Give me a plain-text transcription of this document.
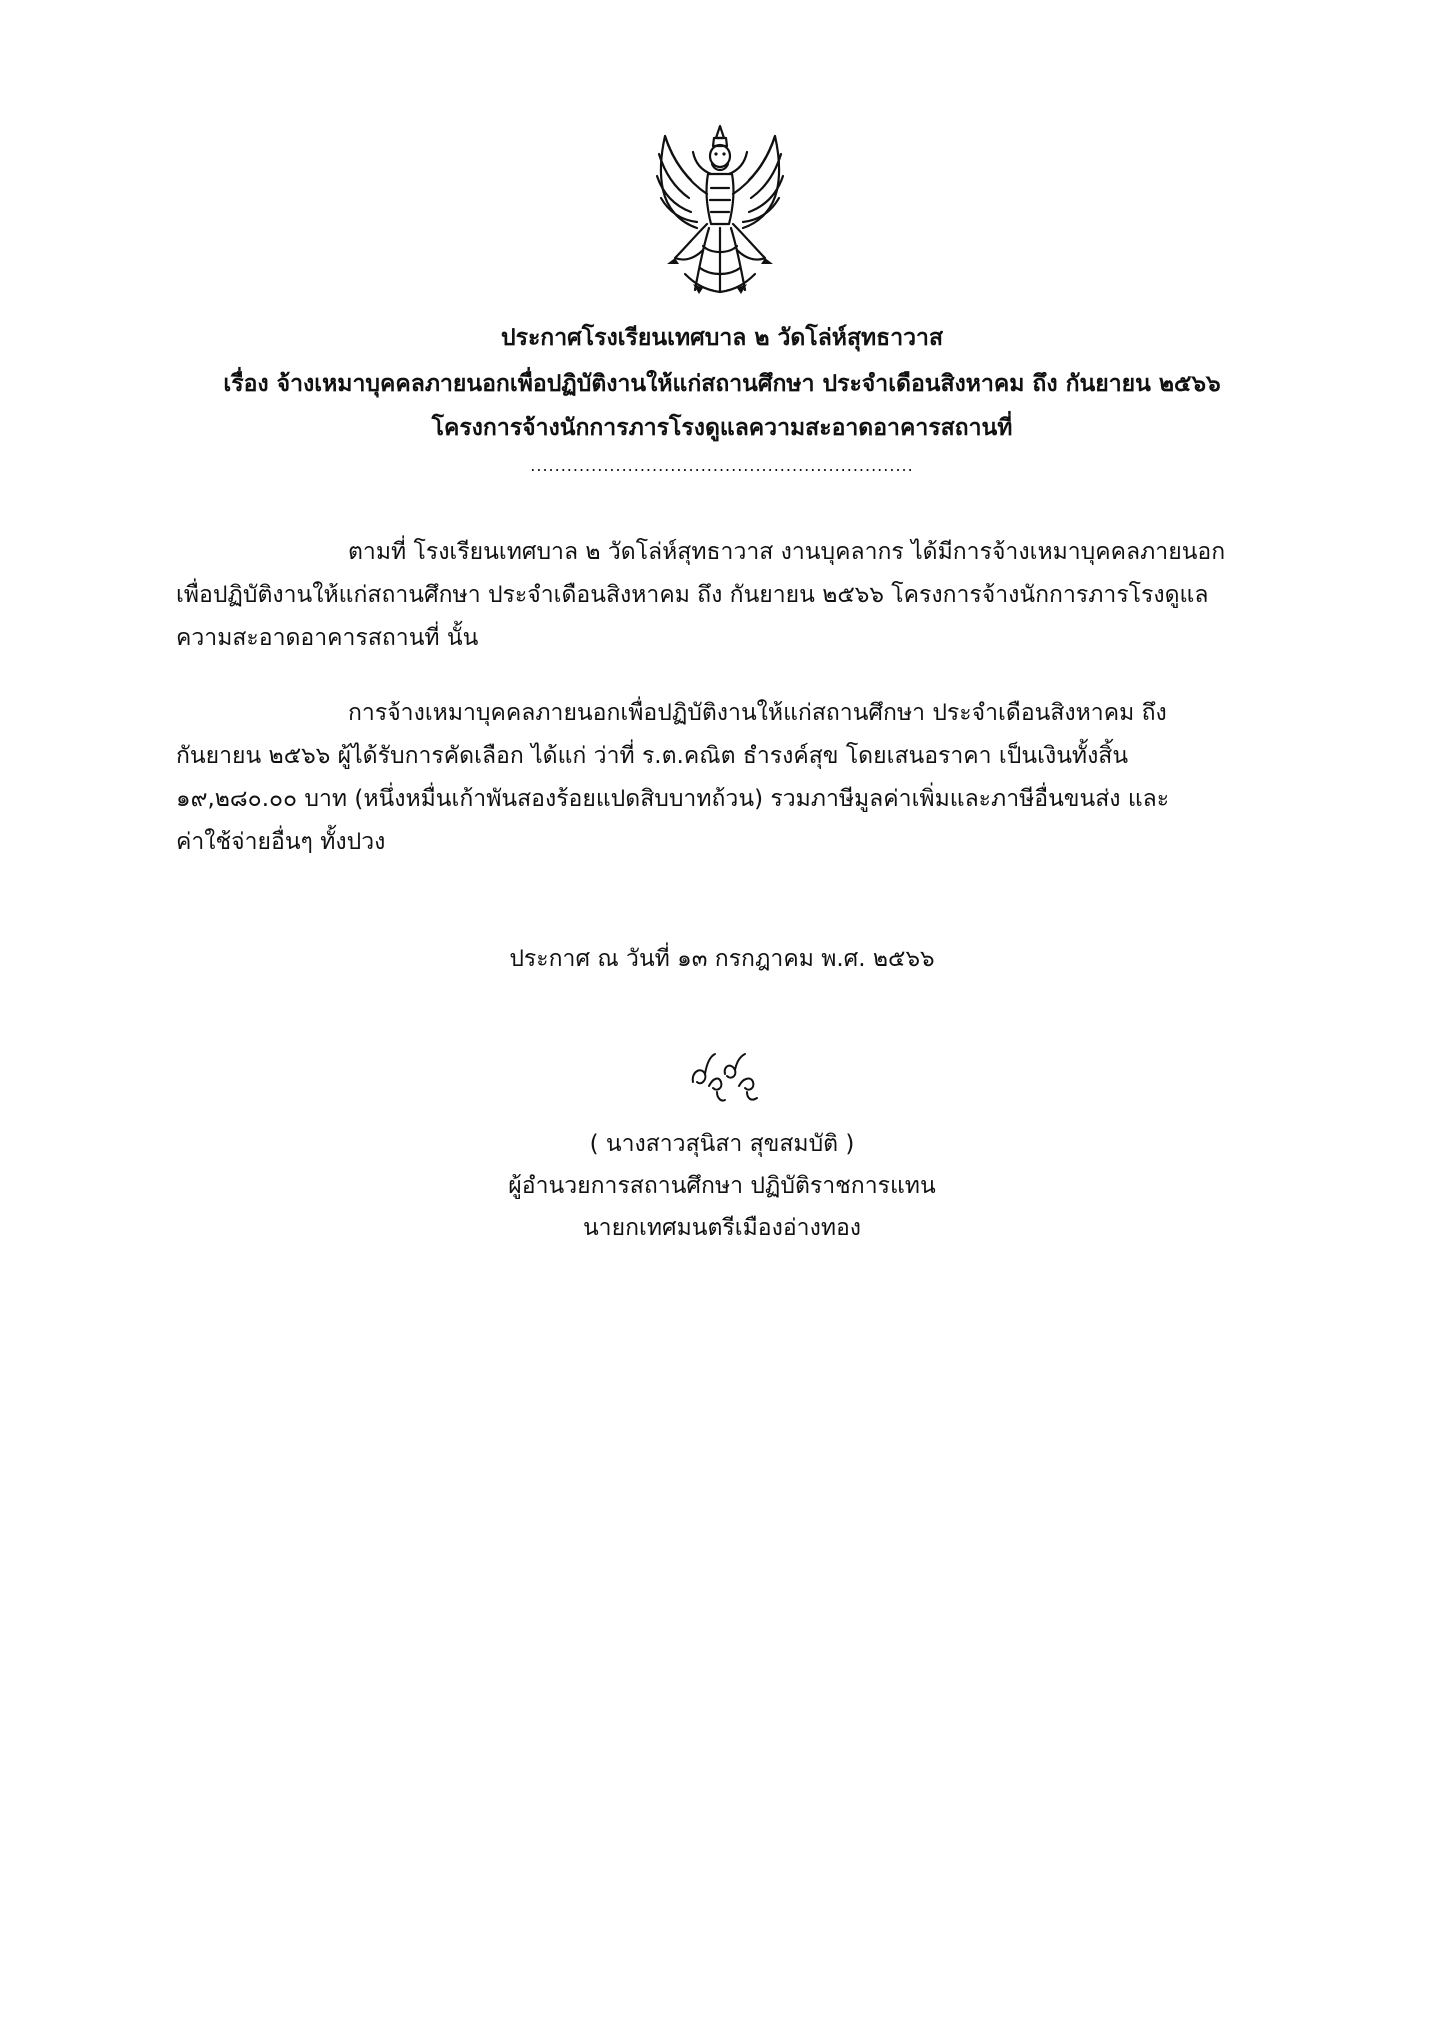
ประกาศโรงเรียนเทศบาล ๒ วัดโล่ห์สุทธาวาส
เรื่อง จ้างเหมาบุคคลภายนอกเพื่อปฏิบัติงานให้แก่สถานศึกษา ประจำเดือนสิงหาคม ถึง กันยายน ๒๕๖๖
โครงการจ้างนักการภารโรงดูแลความสะอาดอาคารสถานที่
...............................................................
ตามที่ โรงเรียนเทศบาล ๒ วัดโล่ห์สุทธาวาส งานบุคลากร ได้มีการจ้างเหมาบุคคลภายนอก
เพื่อปฏิบัติงานให้แก่สถานศึกษา ประจำเดือนสิงหาคม ถึง กันยายน ๒๕๖๖ โครงการจ้างนักการภารโรงดูแล
ความสะอาดอาคารสถานที่ นั้น
การจ้างเหมาบุคคลภายนอกเพื่อปฏิบัติงานให้แก่สถานศึกษา ประจำเดือนสิงหาคม ถึง
กันยายน ๒๕๖๖ ผู้ได้รับการคัดเลือก ได้แก่ ว่าที่ ร.ต.คณิต ธำรงค์สุข โดยเสนอราคา เป็นเงินทั้งสิ้น
๑๙,๒๘๐.๐๐ บาท (หนึ่งหมื่นเก้าพันสองร้อยแปดสิบบาทถ้วน) รวมภาษีมูลค่าเพิ่มและภาษีอื่นขนส่ง และ
ค่าใช้จ่ายอื่นๆ ทั้งปวง
ประกาศ ณ วันที่ ๑๓ กรกฎาคม พ.ศ. ๒๕๖๖
( นางสาวสุนิสา สุขสมบัติ )
ผู้อำนวยการสถานศึกษา ปฏิบัติราชการแทน
นายกเทศมนตรีเมืองอ่างทอง
